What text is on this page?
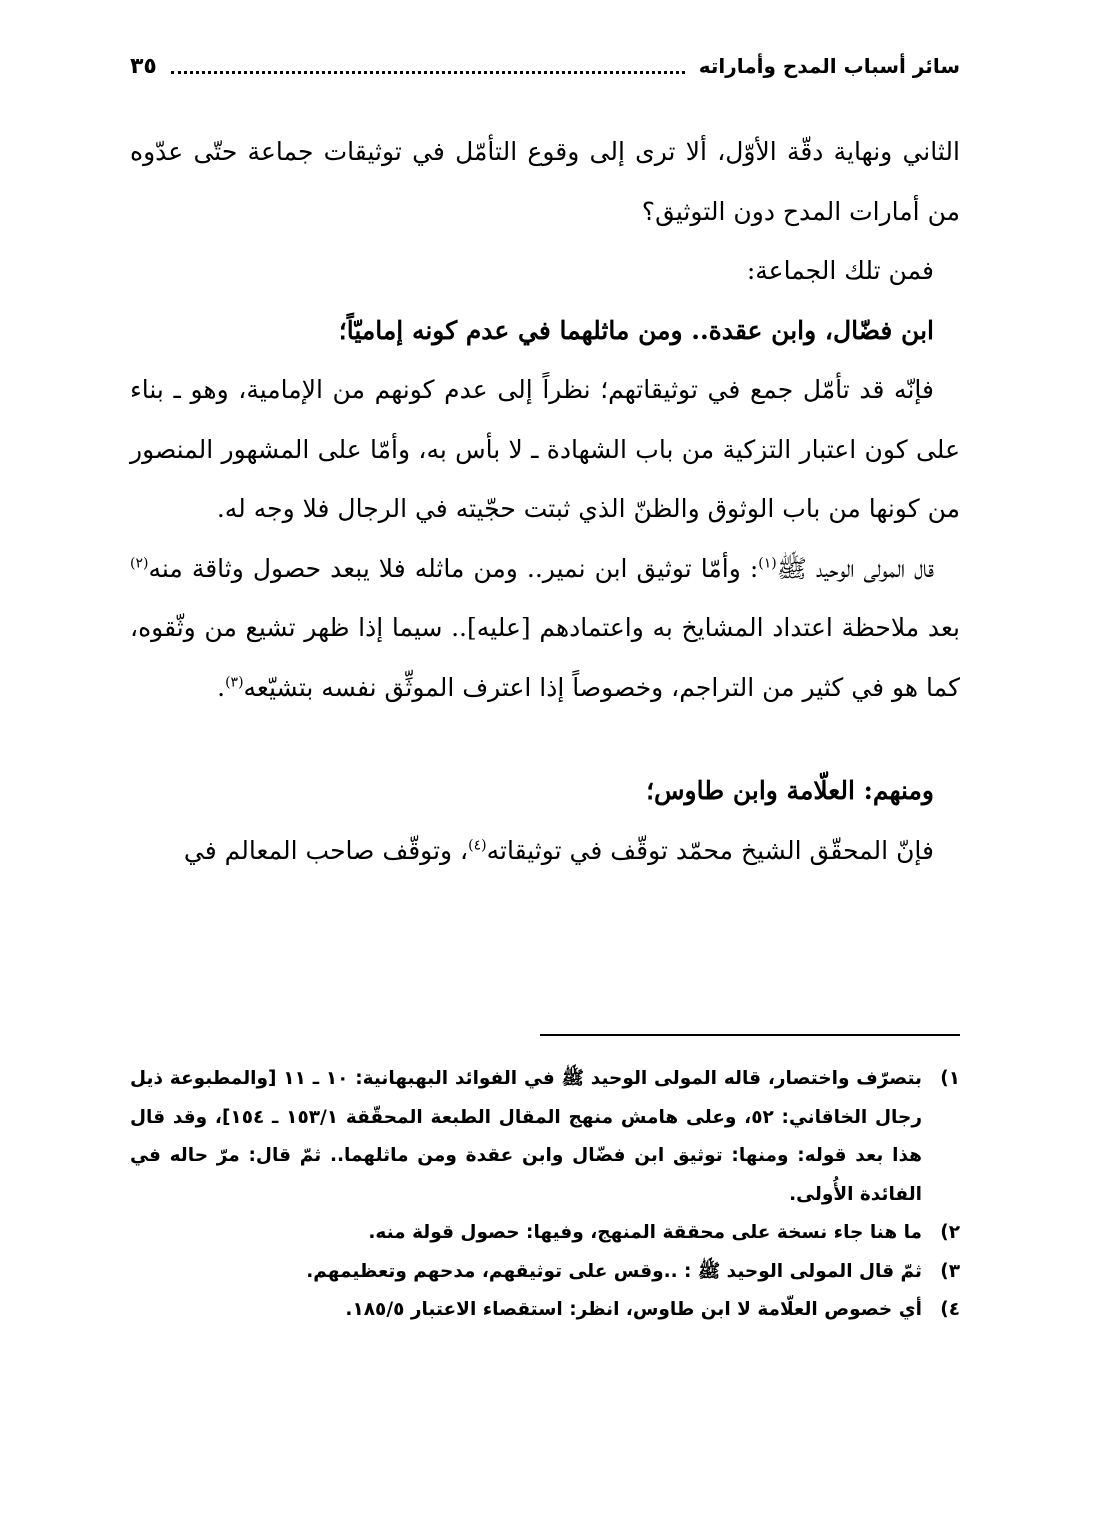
سائر أسباب المدح وأماراته
٣٥

الثاني ونهاية دقّة الأوّل، ألا ترى إلى وقوع التأمّل في توثيقات جماعة حتّى عدّوه من أمارات المدح دون التوثيق؟

فمن تلك الجماعة:

ابن فضّال، وابن عقدة.. ومن ماثلهما في عدم كونه إماميّاً؛

فإنّه قد تأمّل جمع في توثيقاتهم؛ نظراً إلى عدم كونهم من الإمامية، وهو ـ بناء على كون اعتبار التزكية من باب الشهادة ـ لا بأس به، وأمّا على المشهور المنصور من كونها من باب الوثوق والظنّ الذي ثبتت حجّيته في الرجال فلا وجه له.

قال المولى الوحيد ﷺ$^{(١)}$: وأمّا توثيق ابن نمير.. ومن ماثله فلا يبعد حصول وثاقة منه$^{(٢)}$ بعد ملاحظة اعتداد المشايخ به واعتمادهم [عليه].. سيما إذا ظهر تشيع من وثّقوه، كما هو في كثير من التراجم، وخصوصاً إذا اعترف الموثِّق نفسه بتشيّعه$^{(٣)}$.

ومنهم: العلّامة وابن طاوس؛

فإنّ المحقّق الشيخ محمّد توقّف في توثيقاته$^{(٤)}$، وتوقّف صاحب المعالم في

١)
بتصرّف واختصار، قاله المولى الوحيد ﷺ في الفوائد البهبهانية: ١٠ ـ ١١ [والمطبوعة ذيل رجال الخاقاني: ٥٢، وعلى هامش منهج المقال الطبعة المحقّقة ١٥٣/١ ـ ١٥٤]، وقد قال هذا بعد قوله: ومنها: توثيق ابن فضّال وابن عقدة ومن ماثلهما.. ثمّ قال: مرّ حاله في الفائدة الأُولى.
٢)
ما هنا جاء نسخة على محققة المنهج، وفيها: حصول قولة منه.
٣)
ثمّ قال المولى الوحيد ﷺ : ..وقس على توثيقهم، مدحهم وتعظيمهم.
٤)
أي خصوص العلّامة لا ابن طاوس، انظر: استقصاء الاعتبار ١٨٥/٥.
